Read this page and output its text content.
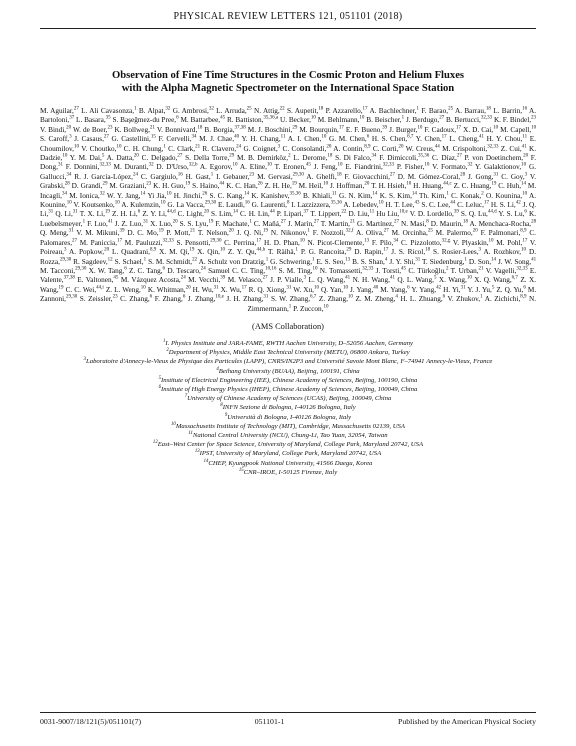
PHYSICAL REVIEW LETTERS 121, 051101 (2018)
Observation of Fine Time Structures in the Cosmic Proton and Helium Fluxes
with the Alpha Magnetic Spectrometer on the International Space Station
M. Aguilar,$^{27}$ L. Ali Cavasonza,$^1$ B. Alpat,$^{32}$ G. Ambrosi,$^{32}$ L. Arruda,$^{25}$ N. Attig,$^{22}$ S. Aupetit,$^{18}$ P. Azzarello,$^{17}$ A. Bachlechner,$^1$ F. Barao,$^{25}$ A. Barrau,$^{18}$ L. Barrin,$^{16}$ A. Bartoloni,$^{37}$ L. Basara,$^{35}$ S. Başeğmez-du Pree,$^6$ M. Battarbee,$^{45}$ R. Battiston,$^{35,36,a}$ U. Becker,$^{10}$ M. Behlmann,$^{10}$ B. Beischer,$^1$ J. Berdugo,$^{27}$ B. Bertucci,$^{32,33}$ K. F. Bindel,$^{23}$ V. Bindi,$^{20}$ W. de Boer,$^{23}$ K. Bollweg,$^{21}$ V. Bonnivard,$^{18}$ B. Borgia,$^{37,38}$ M. J. Boschini,$^{29}$ M. Bourquin,$^{17}$ E. F. Bueno,$^{39}$ J. Burger,$^{10}$ F. Cadoux,$^{17}$ X. D. Cai,$^{10}$ M. Capell,$^{10}$ S. Caroff,$^3$ J. Casaus,$^{27}$ G. Castellini,$^{15}$ F. Cervelli,$^{34}$ M. J. Chae,$^{40}$ Y. H. Chang,$^{11}$ A. I. Chen,$^{10}$ G. M. Chen,$^6$ H. S. Chen,$^{6,7}$ Y. Chen,$^{17}$ L. Cheng,$^{41}$ H. Y. Chou,$^{11}$ E. Choumilov,$^{10}$ V. Choutko,$^{10}$ C. H. Chung,$^1$ C. Clark,$^{21}$ R. Clavero,$^{24}$ G. Coignet,$^3$ C. Consolandi,$^{20}$ A. Contin,$^{8,9}$ C. Corti,$^{20}$ W. Creus,$^{44}$ M. Crispoltoni,$^{32,33}$ Z. Cui,$^{41}$ K. Dadzie,$^{10}$ Y. M. Dai,$^5$ A. Datta,$^{20}$ C. Delgado,$^{27}$ S. Della Torre,$^{29}$ M. B. Demirköz,$^2$ L. Derome,$^{18}$ S. Di Falco,$^{34}$ F. Dimiccoli,$^{35,36}$ C. Díaz,$^{27}$ P. von Doetinchem,$^{20}$ F. Dong,$^{31}$ F. Donnini,$^{32,33}$ M. Duranti,$^{32}$ D. D'Urso,$^{32,b}$ A. Egorov,$^{10}$ A. Eline,$^{10}$ T. Eronen,$^{45}$ J. Feng,$^{10}$ E. Fiandrini,$^{32,33}$ P. Fisher,$^{10}$ V. Formato,$^{32}$ Y. Galaktionov,$^{10}$ G. Gallucci,$^{34}$ R. J. García-López,$^{24}$ C. Gargiulo,$^{16}$ H. Gast,$^1$ I. Gebauer,$^{23}$ M. Gervasi,$^{29,30}$ A. Ghelfi,$^{18}$ F. Giovacchini,$^{27}$ D. M. Gómez-Coral,$^{28}$ J. Gong,$^{31}$ C. Goy,$^3$ V. Grabski,$^{28}$ D. Grandi,$^{29}$ M. Graziani,$^{23}$ K. H. Guo,$^{19}$ S. Haino,$^{44}$ K. C. Han,$^{26}$ Z. H. He,$^{19}$ M. Heil,$^{10}$ J. Hoffman,$^{20}$ T. H. Hsieh,$^{10}$ H. Huang,$^{44,c}$ Z. C. Huang,$^{19}$ C. Huh,$^{14}$ M. Incagli,$^{34}$ M. Ionica,$^{32}$ W. Y. Jang,$^{14}$ Yi Jia,$^{10}$ H. Jinchi,$^{26}$ S. C. Kang,$^{14}$ K. Kanishev,$^{35,36}$ B. Khiali,$^{11}$ G. N. Kim,$^{14}$ K. S. Kim,$^{14}$ Th. Kirn,$^1$ C. Konak,$^2$ O. Kounina,$^{10}$ A. Kounine,$^{10}$ V. Koutsenko,$^{10}$ A. Kulemzin,$^{10}$ G. La Vacca,$^{29,30}$ E. Laudi,$^{16}$ G. Laurenti,$^8$ I. Lazzizzera,$^{35,36}$ A. Lebedev,$^{10}$ H. T. Lee,$^{43}$ S. C. Lee,$^{44}$ C. Leluc,$^{17}$ H. S. Li,$^{42}$ J. Q. Li,$^{31}$ Q. Li,$^{31}$ T. X. Li,$^{19}$ Z. H. Li,$^6$ Z. Y. Li,$^{44,d}$ C. Light,$^{20}$ S. Lim,$^{14}$ C. H. Lin,$^{44}$ P. Lipari,$^{37}$ T. Lippert,$^{22}$ D. Liu,$^{11}$ Hu Liu,$^{10,e}$ V. D. Lordello,$^{39}$ S. Q. Lu,$^{44,d}$ Y. S. Lu,$^6$ K. Luebelsmeyer,$^1$ F. Luo,$^{41}$ J. Z. Luo,$^{31}$ X. Luo,$^{20}$ S. S. Lyu,$^{19}$ F. Machate,$^1$ C. Mañá,$^{27}$ J. Marín,$^{27}$ T. Martin,$^{21}$ G. Martínez,$^{27}$ N. Masi,$^8$ D. Maurin,$^{18}$ A. Menchaca-Rocha,$^{28}$ Q. Meng,$^{31}$ V. M. Mikuni,$^{39}$ D. C. Mo,$^{19}$ P. Mott,$^{21}$ T. Nelson,$^{20}$ J. Q. Ni,$^{19}$ N. Nikonov,$^1$ F. Nozzoli,$^{32,f}$ A. Oliva,$^{27}$ M. Orcinha,$^{25}$ M. Palermo,$^{20}$ F. Palmonari,$^{8,9}$ C. Palomares,$^{27}$ M. Paniccia,$^{17}$ M. Pauluzzi,$^{32,33}$ S. Pensotti,$^{29,30}$ C. Perrina,$^{17}$ H. D. Phan,$^{10}$ N. Picot-Clemente,$^{13}$ F. Pilo,$^{34}$ C. Pizzolotto,$^{32,g}$ V. Plyaskin,$^{10}$ M. Pohl,$^{17}$ V. Poireau,$^3$ A. Popkow,$^{20}$ L. Quadrani,$^{8,9}$ X. M. Qi,$^{19}$ X. Qin,$^{10}$ Z. Y. Qu,$^{44,h}$ T. Räihä,$^1$ P. G. Rancoita,$^{29}$ D. Rapin,$^{17}$ J. S. Ricol,$^{18}$ S. Rosier-Lees,$^3$ A. Rozhkov,$^{10}$ D. Rozza,$^{29,30}$ R. Sagdeev,$^{12}$ S. Schael,$^1$ S. M. Schmidt,$^{22}$ A. Schulz von Dratzig,$^1$ G. Schwering,$^1$ E. S. Seo,$^{13}$ B. S. Shan,$^4$ J. Y. Shi,$^{31}$ T. Siedenburg,$^1$ D. Son,$^{14}$ J. W. Song,$^{41}$ M. Tacconi,$^{29,30}$ X. W. Tang,$^6$ Z. C. Tang,$^6$ D. Tescaro,$^{24}$ Samuel C. C. Ting,$^{10,16}$ S. M. Ting,$^{10}$ N. Tomassetti,$^{32,33}$ J. Torsti,$^{45}$ C. Türkoğlu,$^2$ T. Urban,$^{21}$ V. Vagelli,$^{32,33}$ E. Valente,$^{37,38}$ E. Valtonen,$^{45}$ M. Vázquez Acosta,$^{24}$ M. Vecchi,$^{39}$ M. Velasco,$^{27}$ J. P. Vialle,$^3$ L. Q. Wang,$^{41}$ N. H. Wang,$^{41}$ Q. L. Wang,$^5$ X. Wang,$^{10}$ X. Q. Wang,$^{6,7}$ Z. X. Wang,$^{19}$ C. C. Wei,$^{44,i}$ Z. L. Weng,$^{10}$ K. Whitman,$^{20}$ H. Wu,$^{31}$ X. Wu,$^{17}$ R. Q. Xiong,$^{31}$ W. Xu,$^{10}$ Q. Yan,$^{10}$ J. Yang,$^{40}$ M. Yang,$^6$ Y. Yang,$^{42}$ H. Yi,$^{31}$ Y. J. Yu,$^5$ Z. Q. Yu,$^6$ M. Zannoni,$^{29,30}$ S. Zeissler,$^{23}$ C. Zhang,$^6$ F. Zhang,$^6$ J. Zhang,$^{10,e}$ J. H. Zhang,$^{31}$ S. W. Zhang,$^{6,7}$ Z. Zhang,$^{10}$ Z. M. Zheng,$^4$ H. L. Zhuang,$^6$ V. Zhukov,$^1$ A. Zichichi,$^{8,9}$ N. Zimmermann,$^1$ P. Zuccon,$^{10}$
(AMS Collaboration)
$^1$I. Physics Institute and JARA-FAME, RWTH Aachen University, D–52056 Aachen, Germany
$^2$Department of Physics, Middle East Technical University (METU), 06800 Ankara, Turkey
$^3$Laboratoire d'Annecy-le-Vieux de Physique des Particules (LAPP), CNRS/IN2P3 and Université Savoie Mont Blanc, F–74941 Annecy-le-Vieux, France
$^4$Beihang University (BUAA), Beijing, 100191, China
$^5$Institute of Electrical Engineering (IEE), Chinese Academy of Sciences, Beijing, 100190, China
$^6$Institute of High Energy Physics (IHEP), Chinese Academy of Sciences, Beijing, 100049, China
$^7$University of Chinese Academy of Sciences (UCAS), Beijing, 100049, China
$^8$INFN Sezione di Bologna, I-40126 Bologna, Italy
$^9$Università di Bologna, I-40126 Bologna, Italy
$^{10}$Massachusetts Institute of Technology (MIT), Cambridge, Massachusetts 02139, USA
$^{11}$National Central University (NCU), Chung-Li, Tao Yuan, 32054, Taiwan
$^{12}$East–West Center for Space Science, University of Maryland, College Park, Maryland 20742, USA
$^{13}$IPST, University of Maryland, College Park, Maryland 20742, USA
$^{14}$CHEP, Kyungpook National University, 41566 Daegu, Korea
$^{15}$CNR–IROE, I-50125 Firenze, Italy
0031-9007/18/121(5)/051101(7)	051101-1	Published by the American Physical Society
